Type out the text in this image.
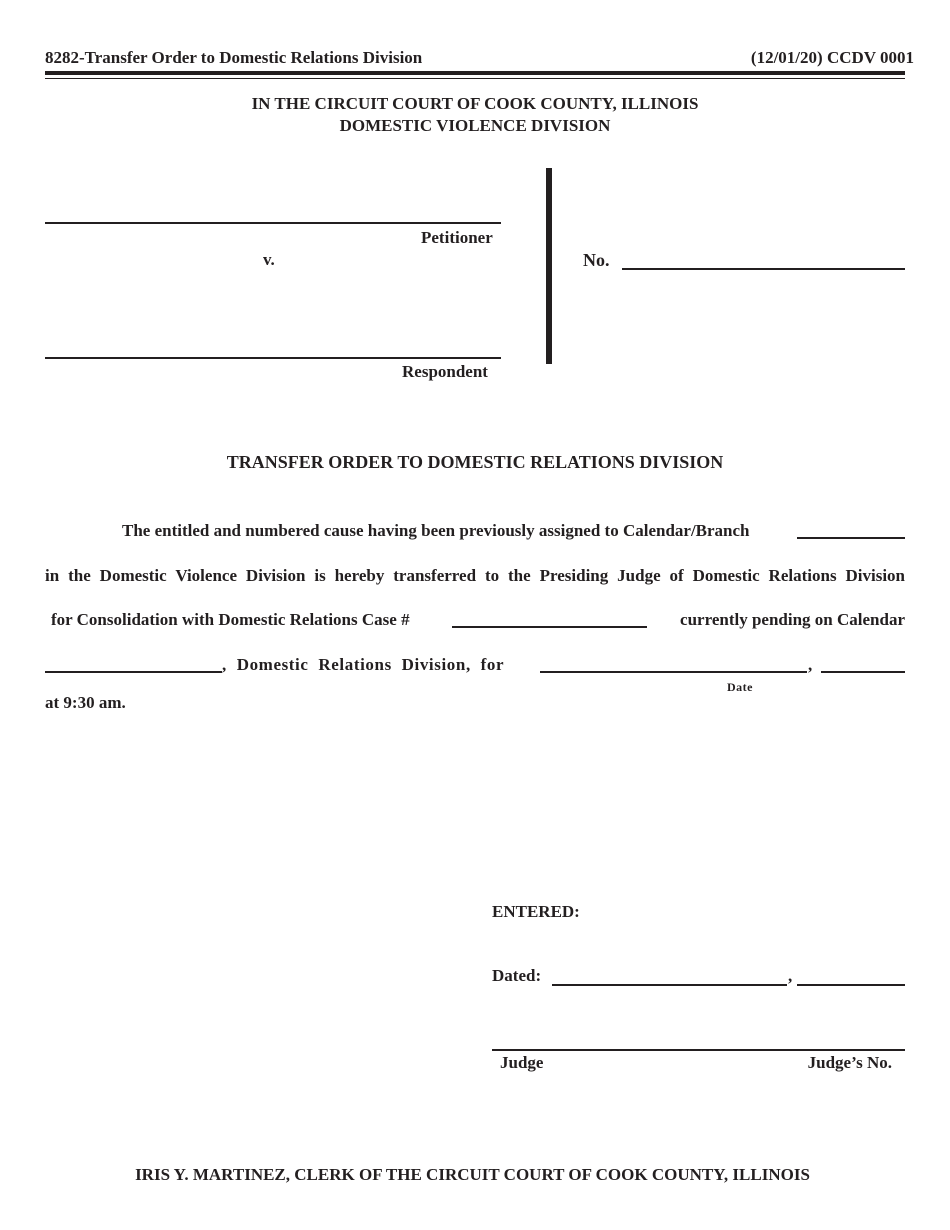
8282-Transfer Order to Domestic Relations Division	(12/01/20) CCDV 0001
IN THE CIRCUIT COURT OF COOK COUNTY, ILLINOIS
DOMESTIC VIOLENCE DIVISION
Petitioner
v.
Respondent
No.
TRANSFER ORDER TO DOMESTIC RELATIONS DIVISION
The entitled and numbered cause having been previously assigned to Calendar/Branch
in the Domestic Violence Division is hereby transferred to the Presiding Judge of Domestic Relations Division
for Consolidation with Domestic Relations Case #	currently pending on Calendar
, Domestic Relations Division, for	,
Date
at 9:30 am.
ENTERED:
Dated:	,
Judge	Judge’s No.
IRIS Y. MARTINEZ, CLERK OF THE CIRCUIT COURT OF COOK COUNTY, ILLINOIS
